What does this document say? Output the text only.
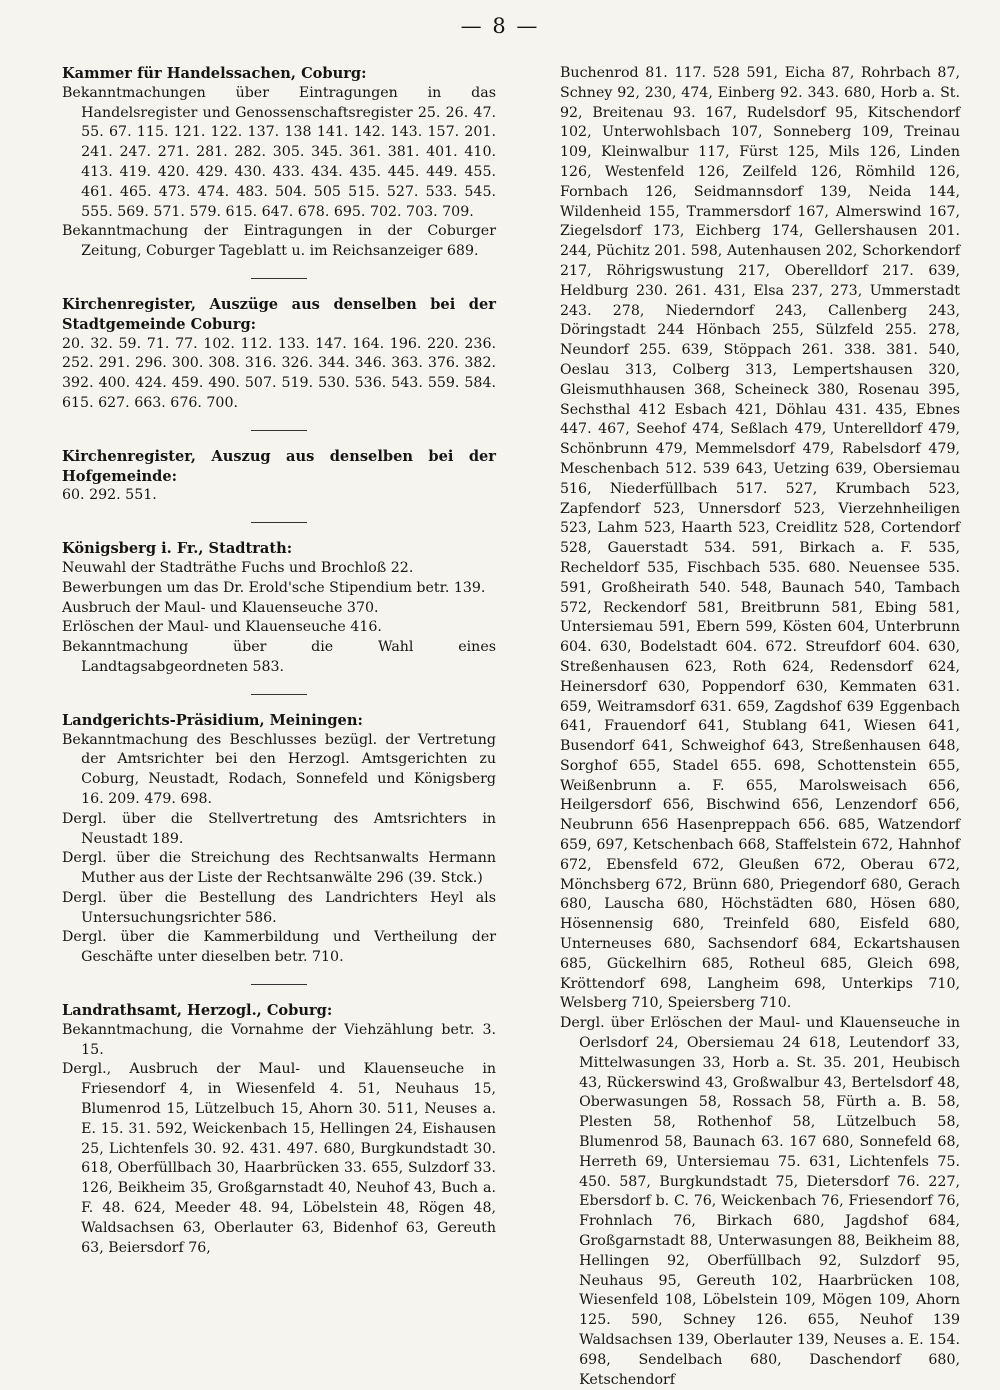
— 8 —

Kammer für Handelssachen, Coburg:

Bekanntmachungen über Eintragungen in das Handelsregister und Genossenschaftsregister 25. 26. 47. 55. 67. 115. 121. 122. 137. 138 141. 142. 143. 157. 201. 241. 247. 271. 281. 282. 305. 345. 361. 381. 401. 410. 413. 419. 420. 429. 430. 433. 434. 435. 445. 449. 455. 461. 465. 473. 474. 483. 504. 505 515. 527. 533. 545. 555. 569. 571. 579. 615. 647. 678. 695. 702. 703. 709.

Bekanntmachung der Eintragungen in der Coburger Zeitung, Coburger Tageblatt u. im Reichsanzeiger 689.

Kirchenregister, Auszüge aus denselben bei der Stadtgemeinde Coburg:

20. 32. 59. 71. 77. 102. 112. 133. 147. 164. 196. 220. 236. 252. 291. 296. 300. 308. 316. 326. 344. 346. 363. 376. 382. 392. 400. 424. 459. 490. 507. 519. 530. 536. 543. 559. 584. 615. 627. 663. 676. 700.

Kirchenregister, Auszug aus denselben bei der Hofgemeinde:

60. 292. 551.

Königsberg i. Fr., Stadtrath:

Neuwahl der Stadträthe Fuchs und Brochloß 22.

Bewerbungen um das Dr. Erold'sche Stipendium betr. 139.

Ausbruch der Maul- und Klauenseuche 370.

Erlöschen der Maul- und Klauenseuche 416.

Bekanntmachung über die Wahl eines Landtagsabgeordneten 583.

Landgerichts-Präsidium, Meiningen:

Bekanntmachung des Beschlusses bezügl. der Vertretung der Amtsrichter bei den Herzogl. Amtsgerichten zu Coburg, Neustadt, Rodach, Sonnefeld und Königsberg 16. 209. 479. 698.

Dergl. über die Stellvertretung des Amtsrichters in Neustadt 189.

Dergl. über die Streichung des Rechtsanwalts Hermann Muther aus der Liste der Rechtsanwälte 296 (39. Stck.)

Dergl. über die Bestellung des Landrichters Heyl als Untersuchungsrichter 586.

Dergl. über die Kammerbildung und Vertheilung der Geschäfte unter dieselben betr. 710.

Landrathsamt, Herzogl., Coburg:

Bekanntmachung, die Vornahme der Viehzählung betr. 3. 15.

Dergl., Ausbruch der Maul- und Klauenseuche in Friesendorf 4, in Wiesenfeld 4. 51, Neuhaus 15, Blumenrod 15, Lützelbuch 15, Ahorn 30. 511, Neuses a. E. 15. 31. 592, Weickenbach 15, Hellingen 24, Eishausen 25, Lichtenfels 30. 92. 431. 497. 680, Burgkundstadt 30. 618, Oberfüllbach 30, Haarbrücken 33. 655, Sulzdorf 33. 126, Beikheim 35, Großgarnstadt 40, Neuhof 43, Buch a. F. 48. 624, Meeder 48. 94, Löbelstein 48, Rögen 48, Waldsachsen 63, Oberlauter 63, Bidenhof 63, Gereuth 63, Beiersdorf 76,

Buchenrod 81. 117. 528 591, Eicha 87, Rohrbach 87, Schney 92, 230, 474, Einberg 92. 343. 680, Horb a. St. 92, Breitenau 93. 167, Rudelsdorf 95, Kitschendorf 102, Unterwohlsbach 107, Sonneberg 109, Treinau 109, Kleinwalbur 117, Fürst 125, Mils 126, Linden 126, Westenfeld 126, Zeilfeld 126, Römhild 126, Fornbach 126, Seidmannsdorf 139, Neida 144, Wildenheid 155, Trammersdorf 167, Almerswind 167, Ziegelsdorf 173, Eichberg 174, Gellershausen 201. 244, Püchitz 201. 598, Autenhausen 202, Schorkendorf 217, Röhrigswustung 217, Oberelldorf 217. 639, Heldburg 230. 261. 431, Elsa 237, 273, Ummerstadt 243. 278, Niederndorf 243, Callenberg 243, Döringstadt 244 Hönbach 255, Sülzfeld 255. 278, Neundorf 255. 639, Stöppach 261. 338. 381. 540, Oeslau 313, Colberg 313, Lempertshausen 320, Gleismuthhausen 368, Scheineck 380, Rosenau 395, Sechsthal 412 Esbach 421, Döhlau 431. 435, Ebnes 447. 467, Seehof 474, Seßlach 479, Unterelldorf 479, Schönbrunn 479, Memmelsdorf 479, Rabelsdorf 479, Meschenbach 512. 539 643, Uetzing 639, Obersiemau 516, Niederfüllbach 517. 527, Krumbach 523, Zapfendorf 523, Unnersdorf 523, Vierzehnheiligen 523, Lahm 523, Haarth 523, Creidlitz 528, Cortendorf 528, Gauerstadt 534. 591, Birkach a. F. 535, Recheldorf 535, Fischbach 535. 680. Neuensee 535. 591, Großheirath 540. 548, Baunach 540, Tambach 572, Reckendorf 581, Breitbrunn 581, Ebing 581, Untersiemau 591, Ebern 599, Kösten 604, Unterbrunn 604. 630, Bodelstadt 604. 672. Streufdorf 604. 630, Streßenhausen 623, Roth 624, Redensdorf 624, Heinersdorf 630, Poppendorf 630, Kemmaten 631. 659, Weitramsdorf 631. 659, Zagdshof 639 Eggenbach 641, Frauendorf 641, Stublang 641, Wiesen 641, Busendorf 641, Schweighof 643, Streßenhausen 648, Sorghof 655, Stadel 655. 698, Schottenstein 655, Weißenbrunn a. F. 655, Marolsweisach 656, Heilgersdorf 656, Bischwind 656, Lenzendorf 656, Neubrunn 656 Hasenpreppach 656. 685, Watzendorf 659, 697, Ketschenbach 668, Staffelstein 672, Hahnhof 672, Ebensfeld 672, Gleußen 672, Oberau 672, Mönchsberg 672, Brünn 680, Priegendorf 680, Gerach 680, Lauscha 680, Höchstädten 680, Hösen 680, Hösennensig 680, Treinfeld 680, Eisfeld 680, Unterneuses 680, Sachsendorf 684, Eckartshausen 685, Gückelhirn 685, Rotheul 685, Gleich 698, Kröttendorf 698, Langheim 698, Unterkips 710, Welsberg 710, Speiersberg 710.

Dergl. über Erlöschen der Maul- und Klauenseuche in Oerlsdorf 24, Obersiemau 24 618, Leutendorf 33, Mittelwasungen 33, Horb a. St. 35. 201, Heubisch 43, Rückerswind 43, Großwalbur 43, Bertelsdorf 48, Oberwasungen 58, Rossach 58, Fürth a. B. 58, Plesten 58, Rothenhof 58, Lützelbuch 58, Blumenrod 58, Baunach 63. 167 680, Sonnefeld 68, Herreth 69, Untersiemau 75. 631, Lichtenfels 75. 450. 587, Burgkundstadt 75, Dietersdorf 76. 227, Ebersdorf b. C. 76, Weickenbach 76, Friesendorf 76, Frohnlach 76, Birkach 680, Jagdshof 684, Großgarnstadt 88, Unterwasungen 88, Beikheim 88, Hellingen 92, Oberfüllbach 92, Sulzdorf 95, Neuhaus 95, Gereuth 102, Haarbrücken 108, Wiesenfeld 108, Löbelstein 109, Mögen 109, Ahorn 125. 590, Schney 126. 655, Neuhof 139 Waldsachsen 139, Oberlauter 139, Neuses a. E. 154. 698, Sendelbach 680, Daschendorf 680, Ketschendorf
